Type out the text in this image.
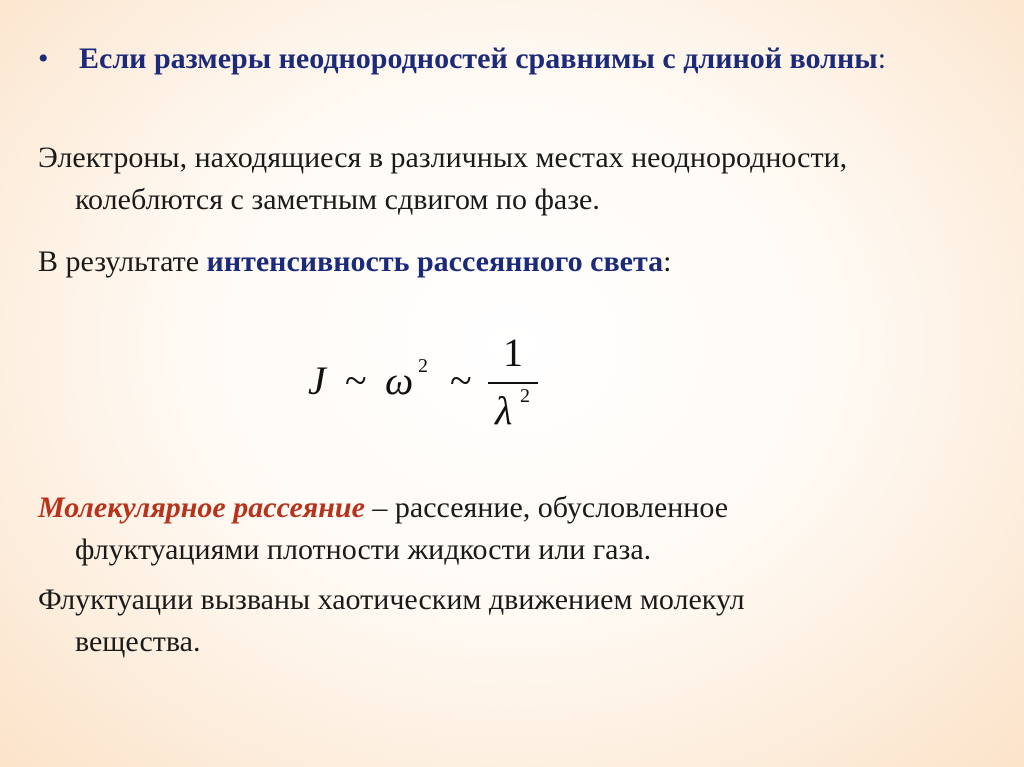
• Если размеры неоднородностей сравнимы с длиной волны:
Электроны, находящиеся в различных местах неоднородности,
колеблются с заметным сдвигом по фазе.
В результате интенсивность рассеянного света:
J ~ ω 2 ~
1
λ 2
Молекулярное рассеяние – рассеяние, обусловленное
флуктуациями плотности жидкости или газа.
Флуктуации вызваны хаотическим движением молекул
вещества.
